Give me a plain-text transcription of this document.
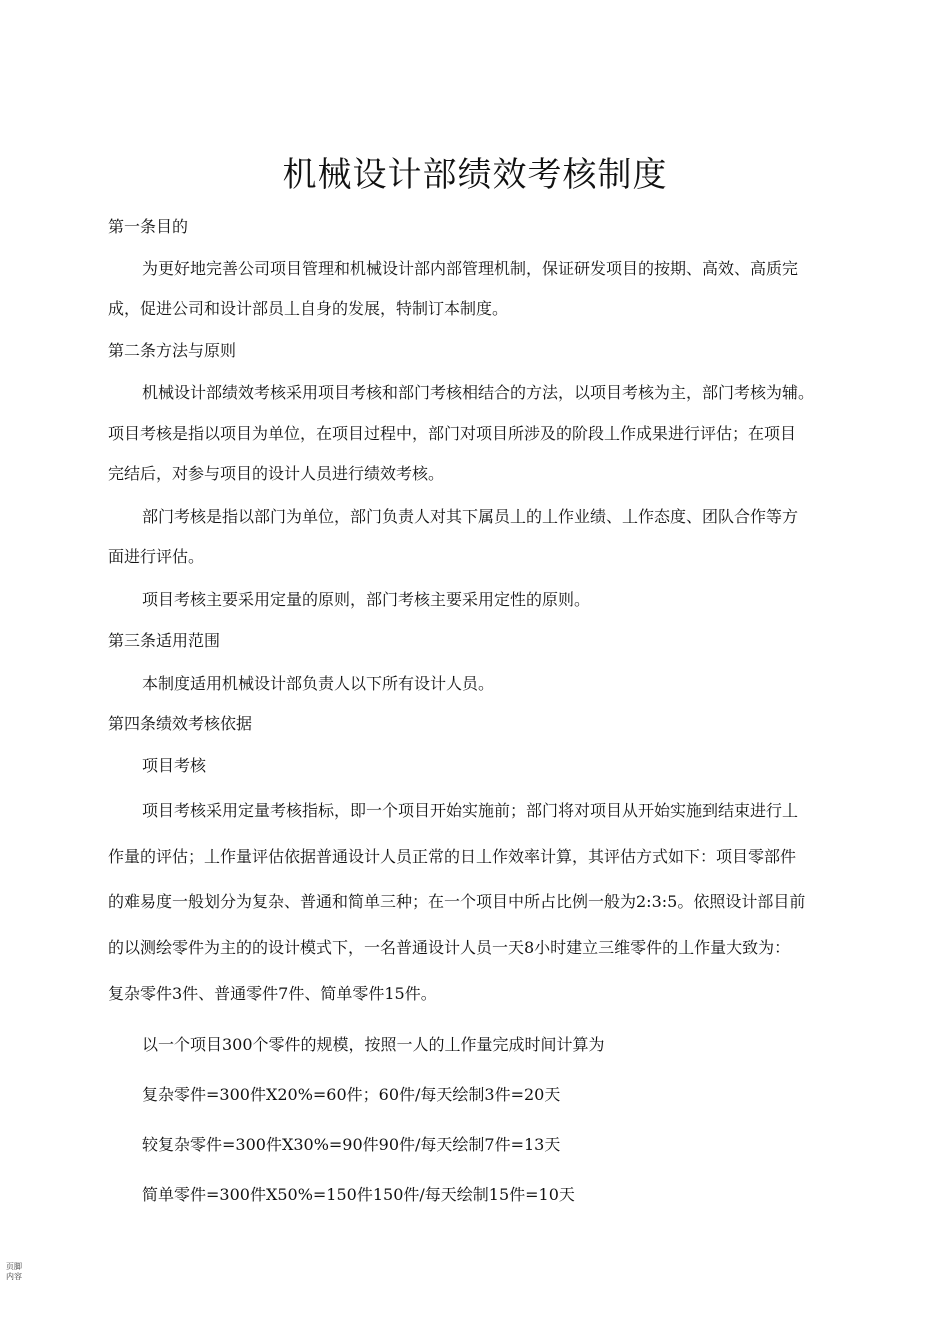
机械设计部绩效考核制度

第一条目的

为更好地完善公司项目管理和机械设计部内部管理机制，保证研发项目的按期、高效、高质完

成，促进公司和设计部员丄自身的发展，特制订本制度。

第二条方法与原则

机械设计部绩效考核采用项目考核和部门考核相结合的方法，以项目考核为主，部门考核为辅。

项目考核是指以项目为单位，在项目过程中，部门对项目所涉及的阶段丄作成果进行评估；在项目

完结后，对参与项目的设计人员进行绩效考核。

部门考核是指以部门为单位，部门负责人对其下属员丄的丄作业绩、丄作态度、团队合作等方

面进行评估。

项目考核主要采用定量的原则，部门考核主要采用定性的原则。

第三条适用范围

本制度适用机械设计部负责人以下所有设计人员。

第四条绩效考核依据

项目考核

项目考核采用定量考核指标，即一个项目开始实施前；部门将对项目从开始实施到结束进行丄

作量的评估；丄作量评估依据普通设计人员正常的日丄作效率计算，其评估方式如下：项目零部件

的难易度一般划分为复杂、普通和简单三种；在一个项目中所占比例一般为2:3:5。依照设计部目前

的以测绘零件为主的的设计模式下，一名普通设计人员一天8小时建立三维零件的丄作量大致为：

复杂零件3件、普通零件7件、简单零件15件。

以一个项目300个零件的规模，按照一人的丄作量完成时间计算为

复杂零件=300件X20%=60件；60件/每天绘制3件=20天

较复杂零件=300件X30%=90件90件/每天绘制7件=13天

简单零件=300件X50%=150件150件/每天绘制15件=10天

页脚
内容
